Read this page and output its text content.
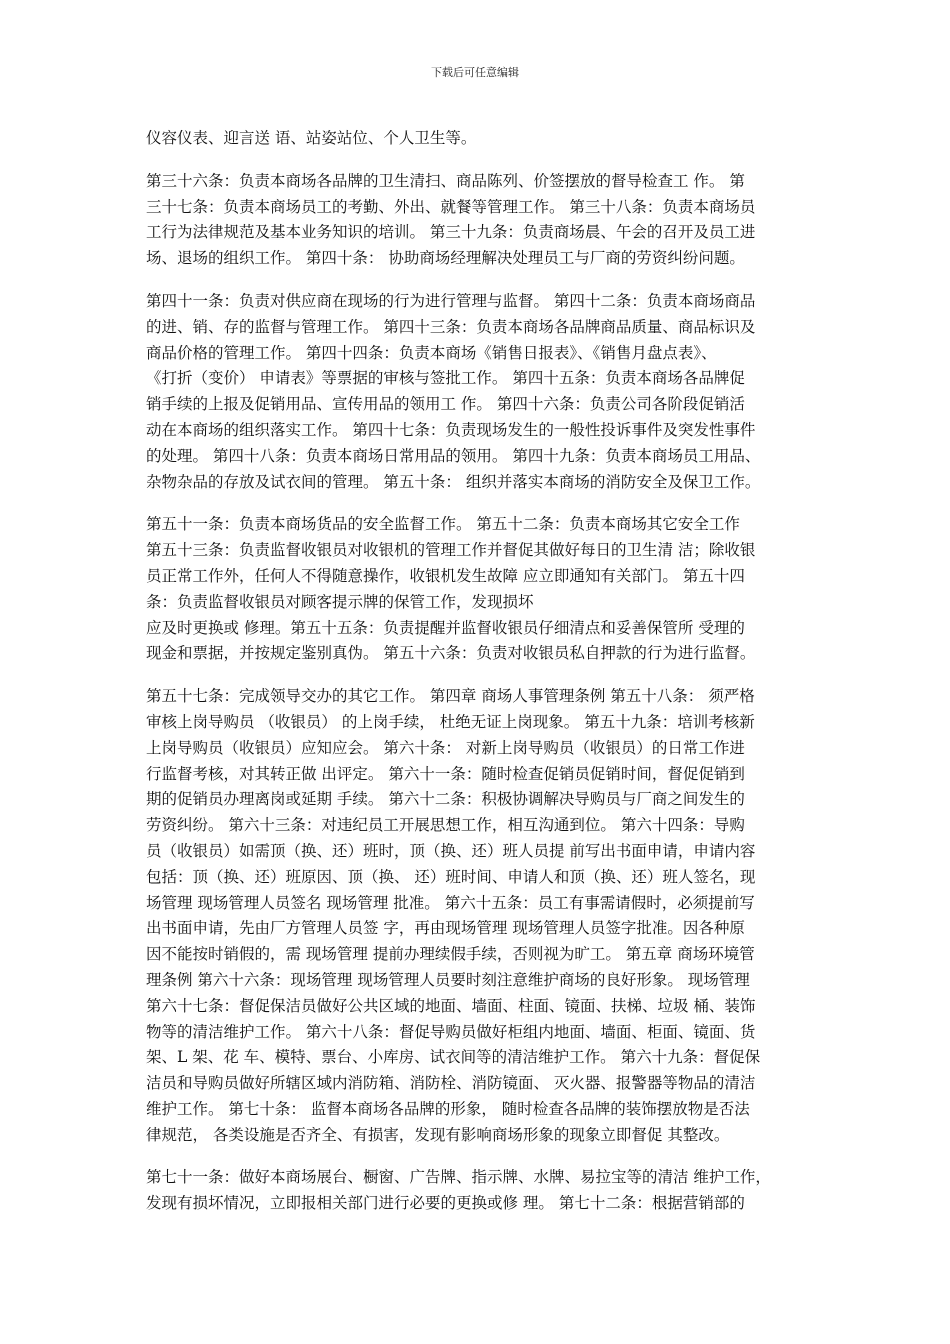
下载后可任意编辑
仪容仪表、迎言送 语、站姿站位、个人卫生等。
第三十六条：负责本商场各品牌的卫生清扫、商品陈列、价签摆放的督导检查工 作。 第
三十七条：负责本商场员工的考勤、外出、就餐等管理工作。 第三十八条：负责本商场员
工行为法律规范及基本业务知识的培训。 第三十九条：负责商场晨、午会的召开及员工进
场、退场的组织工作。 第四十条： 协助商场经理解决处理员工与厂商的劳资纠纷问题。
第四十一条：负责对供应商在现场的行为进行管理与监督。 第四十二条：负责本商场商品
的进、销、存的监督与管理工作。 第四十三条：负责本商场各品牌商品质量、商品标识及
商品价格的管理工作。 第四十四条：负责本商场《销售日报表》、《销售月盘点表》、
《打折（变价） 申请表》等票据的审核与签批工作。 第四十五条：负责本商场各品牌促
销手续的上报及促销用品、宣传用品的领用工 作。 第四十六条：负责公司各阶段促销活
动在本商场的组织落实工作。 第四十七条：负责现场发生的一般性投诉事件及突发性事件
的处理。 第四十八条：负责本商场日常用品的领用。 第四十九条：负责本商场员工用品、
杂物杂品的存放及试衣间的管理。 第五十条： 组织并落实本商场的消防安全及保卫工作。
第五十一条：负责本商场货品的安全监督工作。 第五十二条：负责本商场其它安全工作
第五十三条：负责监督收银员对收银机的管理工作并督促其做好每日的卫生清 洁；除收银
员正常工作外，任何人不得随意操作，收银机发生故障 应立即通知有关部门。 第五十四
条：负责监督收银员对顾客提示牌的保管工作，发现损坏
应及时更换或 修理。第五十五条：负责提醒并监督收银员仔细清点和妥善保管所 受理的
现金和票据，并按规定鉴别真伪。 第五十六条：负责对收银员私自押款的行为进行监督。
第五十七条：完成领导交办的其它工作。 第四章 商场人事管理条例 第五十八条： 须严格
审核上岗导购员 （收银员） 的上岗手续， 杜绝无证上岗现象。 第五十九条：培训考核新
上岗导购员（收银员）应知应会。 第六十条： 对新上岗导购员（收银员）的日常工作进
行监督考核，对其转正做 出评定。 第六十一条：随时检查促销员促销时间，督促促销到
期的促销员办理离岗或延期 手续。 第六十二条：积极协调解决导购员与厂商之间发生的
劳资纠纷。 第六十三条：对违纪员工开展思想工作，相互沟通到位。 第六十四条：导购
员（收银员）如需顶（换、还）班时，顶（换、还）班人员提 前写出书面申请，申请内容
包括：顶（换、还）班原因、顶（换、 还）班时间、申请人和顶（换、还）班人签名，现
场管理 现场管理人员签名 现场管理 批准。 第六十五条：员工有事需请假时，必须提前写
出书面申请，先由厂方管理人员签 字，再由现场管理 现场管理人员签字批准。因各种原
因不能按时销假的，需 现场管理 提前办理续假手续，否则视为旷工。 第五章 商场环境管
理条例 第六十六条：现场管理 现场管理人员要时刻注意维护商场的良好形象。 现场管理
第六十七条：督促保洁员做好公共区域的地面、墙面、柱面、镜面、扶梯、垃圾 桶、装饰
物等的清洁维护工作。 第六十八条：督促导购员做好柜组内地面、墙面、柜面、镜面、货
架、L 架、花 车、模特、票台、小库房、试衣间等的清洁维护工作。 第六十九条：督促保
洁员和导购员做好所辖区域内消防箱、消防栓、消防镜面、 灭火器、报警器等物品的清洁
维护工作。 第七十条： 监督本商场各品牌的形象， 随时检查各品牌的装饰摆放物是否法
律规范， 各类设施是否齐全、有损害，发现有影响商场形象的现象立即督促 其整改。
第七十一条：做好本商场展台、橱窗、广告牌、指示牌、水牌、易拉宝等的清洁 维护工作，
发现有损坏情况，立即报相关部门进行必要的更换或修 理。 第七十二条：根据营销部的
